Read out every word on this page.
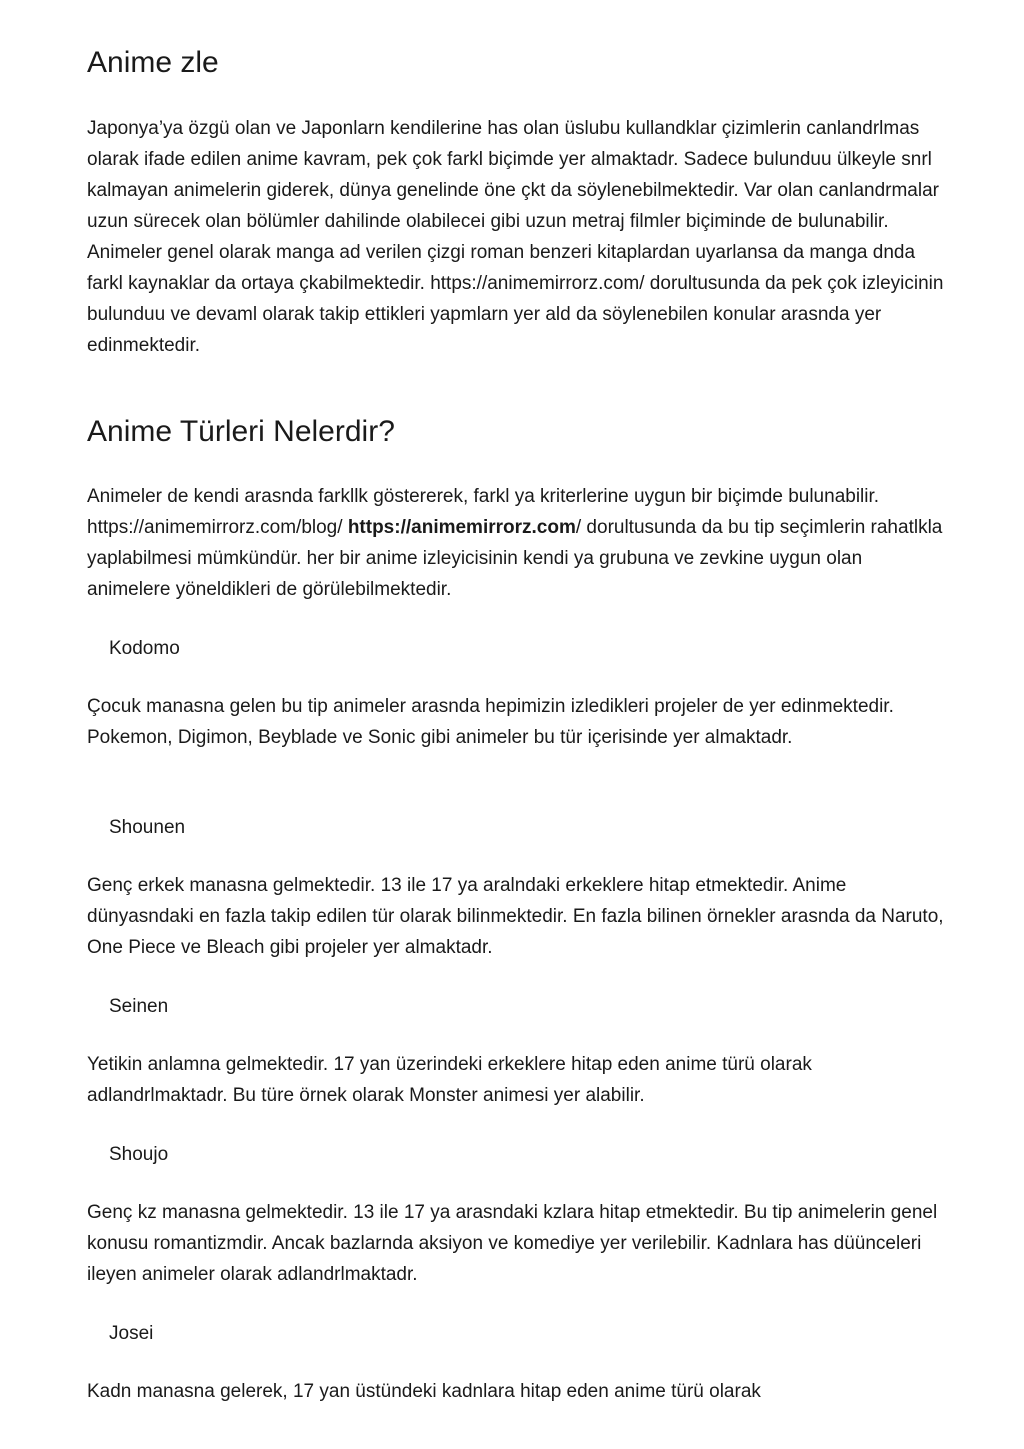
Anime zle

Japonya’ya özgü olan ve Japonlarn kendilerine has olan üslubu kullandklar çizimlerin canlandrlmas olarak ifade edilen anime kavram, pek çok farkl biçimde yer almaktadr. Sadece bulunduu ülkeyle snrl kalmayan animelerin giderek, dünya genelinde öne çkt da söylenebilmektedir. Var olan canlandrmalar uzun sürecek olan bölümler dahilinde olabilecei gibi uzun metraj filmler biçiminde de bulunabilir. Animeler genel olarak manga ad verilen çizgi roman benzeri kitaplardan uyarlansa da manga dnda farkl kaynaklar da ortaya çkabilmektedir. https://animemirrorz.com/ dorultusunda da pek çok izleyicinin bulunduu ve devaml olarak takip ettikleri yapmlarn yer ald da söylenebilen konular arasnda yer edinmektedir.

Anime Türleri Nelerdir?

Animeler de kendi arasnda farkllk göstererek, farkl ya kriterlerine uygun bir biçimde bulunabilir. https://animemirrorz.com/blog/ https://animemirrorz.com/ dorultusunda da bu tip seçimlerin rahatlkla yaplabilmesi mümkündür. her bir anime izleyicisinin kendi ya grubuna ve zevkine uygun olan animelere yöneldikleri de görülebilmektedir.

Kodomo

Çocuk manasna gelen bu tip animeler arasnda hepimizin izledikleri projeler de yer edinmektedir. Pokemon, Digimon, Beyblade ve Sonic gibi animeler bu tür içerisinde yer almaktadr.

Shounen

Genç erkek manasna gelmektedir. 13 ile 17 ya aralndaki erkeklere hitap etmektedir. Anime dünyasndaki en fazla takip edilen tür olarak bilinmektedir. En fazla bilinen örnekler arasnda da Naruto, One Piece ve Bleach gibi projeler yer almaktadr.

Seinen

Yetikin anlamna gelmektedir. 17 yan üzerindeki erkeklere hitap eden anime türü olarak adlandrlmaktadr. Bu türe örnek olarak Monster animesi yer alabilir.

Shoujo

Genç kz manasna gelmektedir. 13 ile 17 ya arasndaki kzlara hitap etmektedir. Bu tip animelerin genel konusu romantizmdir. Ancak bazlarnda aksiyon ve komediye yer verilebilir. Kadnlara has düünceleri ileyen animeler olarak adlandrlmaktadr.

Josei

Kadn manasna gelerek, 17 yan üstündeki kadnlara hitap eden anime türü olarak
